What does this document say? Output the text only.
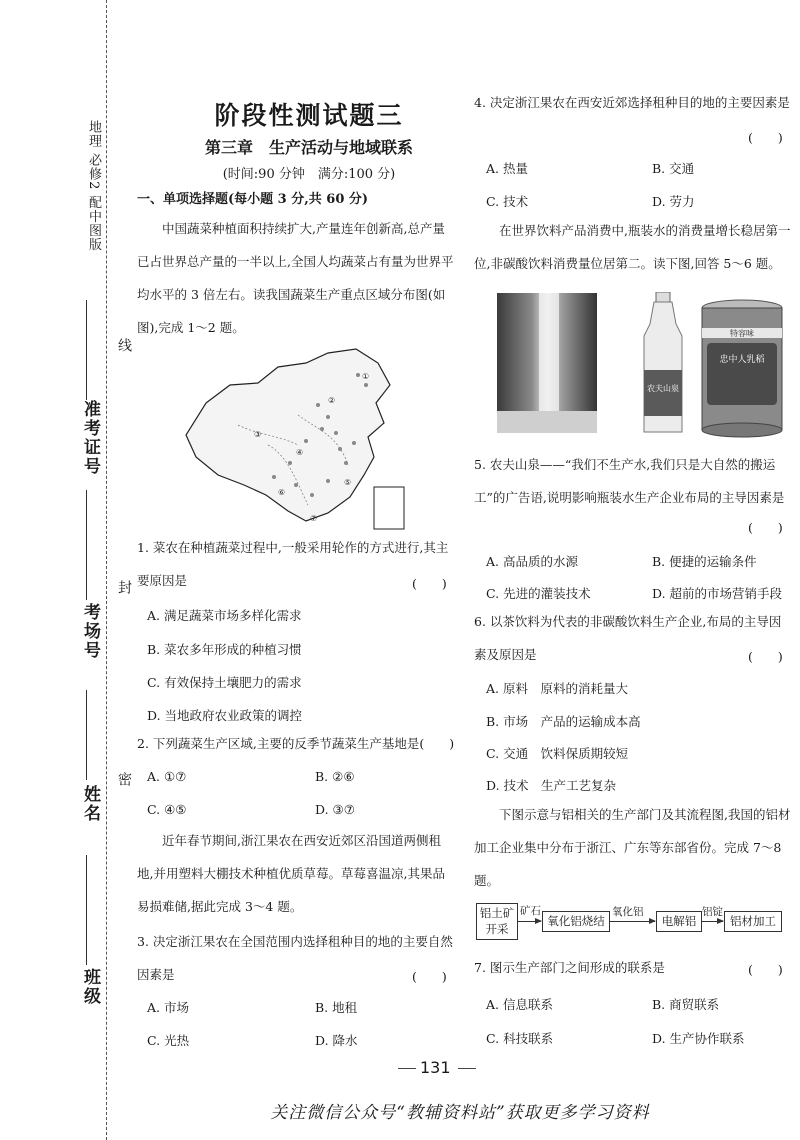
地理 必修2 配中图版
准考证号
考场号
姓名
班级
线
封
密
阶段性测试题三
第三章　生产活动与地域联系
(时间:90 分钟　满分:100 分)
一、单项选择题(每小题 3 分,共 60 分)
中国蔬菜种植面积持续扩大,产量连年创新高,总产量已占世界总产量的一半以上,全国人均蔬菜占有量为世界平均水平的 3 倍左右。读我国蔬菜生产重点区域分布图(如图),完成 1～2 题。
①
②
③
④
⑤
⑥
⑦
1. 菜农在种植蔬菜过程中,一般采用轮作的方式进行,其主要原因是	(　　)
A. 满足蔬菜市场多样化需求
B. 菜农多年形成的种植习惯
C. 有效保持土壤肥力的需求
D. 当地政府农业政策的调控
2. 下列蔬菜生产区域,主要的反季节蔬菜生产基地是(　　)
A. ①⑦	B. ②⑥
C. ④⑤	D. ③⑦
近年春节期间,浙江果农在西安近郊区沿国道两侧租地,并用塑料大棚技术种植优质草莓。草莓喜温凉,其果品易损难储,据此完成 3～4 题。
3. 决定浙江果农在全国范围内选择租种目的地的主要自然因素是	(　　)
A. 市场	B. 地租
C. 光热	D. 降水
4. 决定浙江果农在西安近郊选择租种目的地的主要因素是
(　　)
A. 热量	B. 交通
C. 技术	D. 劳力
在世界饮料产品消费中,瓶装水的消费量增长稳居第一位,非碳酸饮料消费量位居第二。读下图,回答 5～6 题。
农夫山泉
特容味
忠中人乳稻
5. 农夫山泉——“我们不生产水,我们只是大自然的搬运工”的广告语,说明影响瓶装水生产企业布局的主导因素是
(　　)
A. 高品质的水源	B. 便捷的运输条件
C. 先进的灌装技术	D. 超前的市场营销手段
6. 以茶饮料为代表的非碳酸饮料生产企业,布局的主导因素及原因是	(　　)
A. 原料　原料的消耗量大
B. 市场　产品的运输成本高
C. 交通　饮料保质期较短
D. 技术　生产工艺复杂
下图示意与铝相关的生产部门及其流程图,我国的铝材加工企业集中分布于浙江、广东等东部省份。完成 7～8 题。
铝土矿开采
矿石
氧化铝烧结
氧化铝
电解铝
铝锭
铝材加工
7. 图示生产部门之间形成的联系是	(　　)
A. 信息联系	B. 商贸联系
C. 科技联系	D. 生产协作联系
131
关注微信公众号“教辅资料站”获取更多学习资料
